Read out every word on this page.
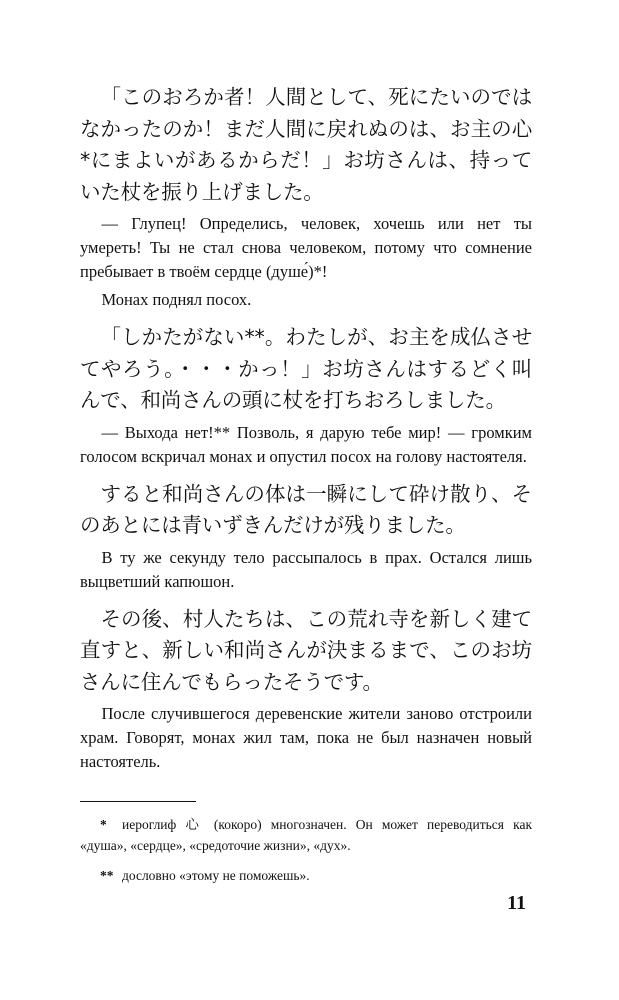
「このおろか者！人間として、死にたいのではなかったのか！まだ人間に戻れぬのは、お主の心*にまよいがあるからだ！」お坊さんは、持っていた杖を振り上げました。

— Глупец! Определись, человек, хочешь или нет ты умереть! Ты не стал снова человеком, потому что сомнение пребывает в твоём сердце (душе́)*!

Монах поднял посох.

「しかたがない**。わたしが、お主を成仏させてやろう。・・・かっ！」お坊さんはするどく叫んで、和尚さんの頭に杖を打ちおろしました。

— Выхода нет!** Позволь, я дарую тебе мир! — громким голосом вскричал монах и опустил посох на голову настоятеля.

すると和尚さんの体は一瞬にして砕け散り、そのあとには青いずきんだけが残りました。

В ту же секунду тело рассыпалось в прах. Остался лишь выцветший капюшон.

その後、村人たちは、この荒れ寺を新しく建て直すと、新しい和尚さんが決まるまで、このお坊さんに住んでもらったそうです。

После случившегося деревенские жители заново отстроили храм. Говорят, монах жил там, пока не был назначен новый настоятель.

* иероглиф 心 (кокоро) многозначен. Он может переводиться как «душа», «сердце», «средоточие жизни», «дух».

** дословно «этому не поможешь».

11
